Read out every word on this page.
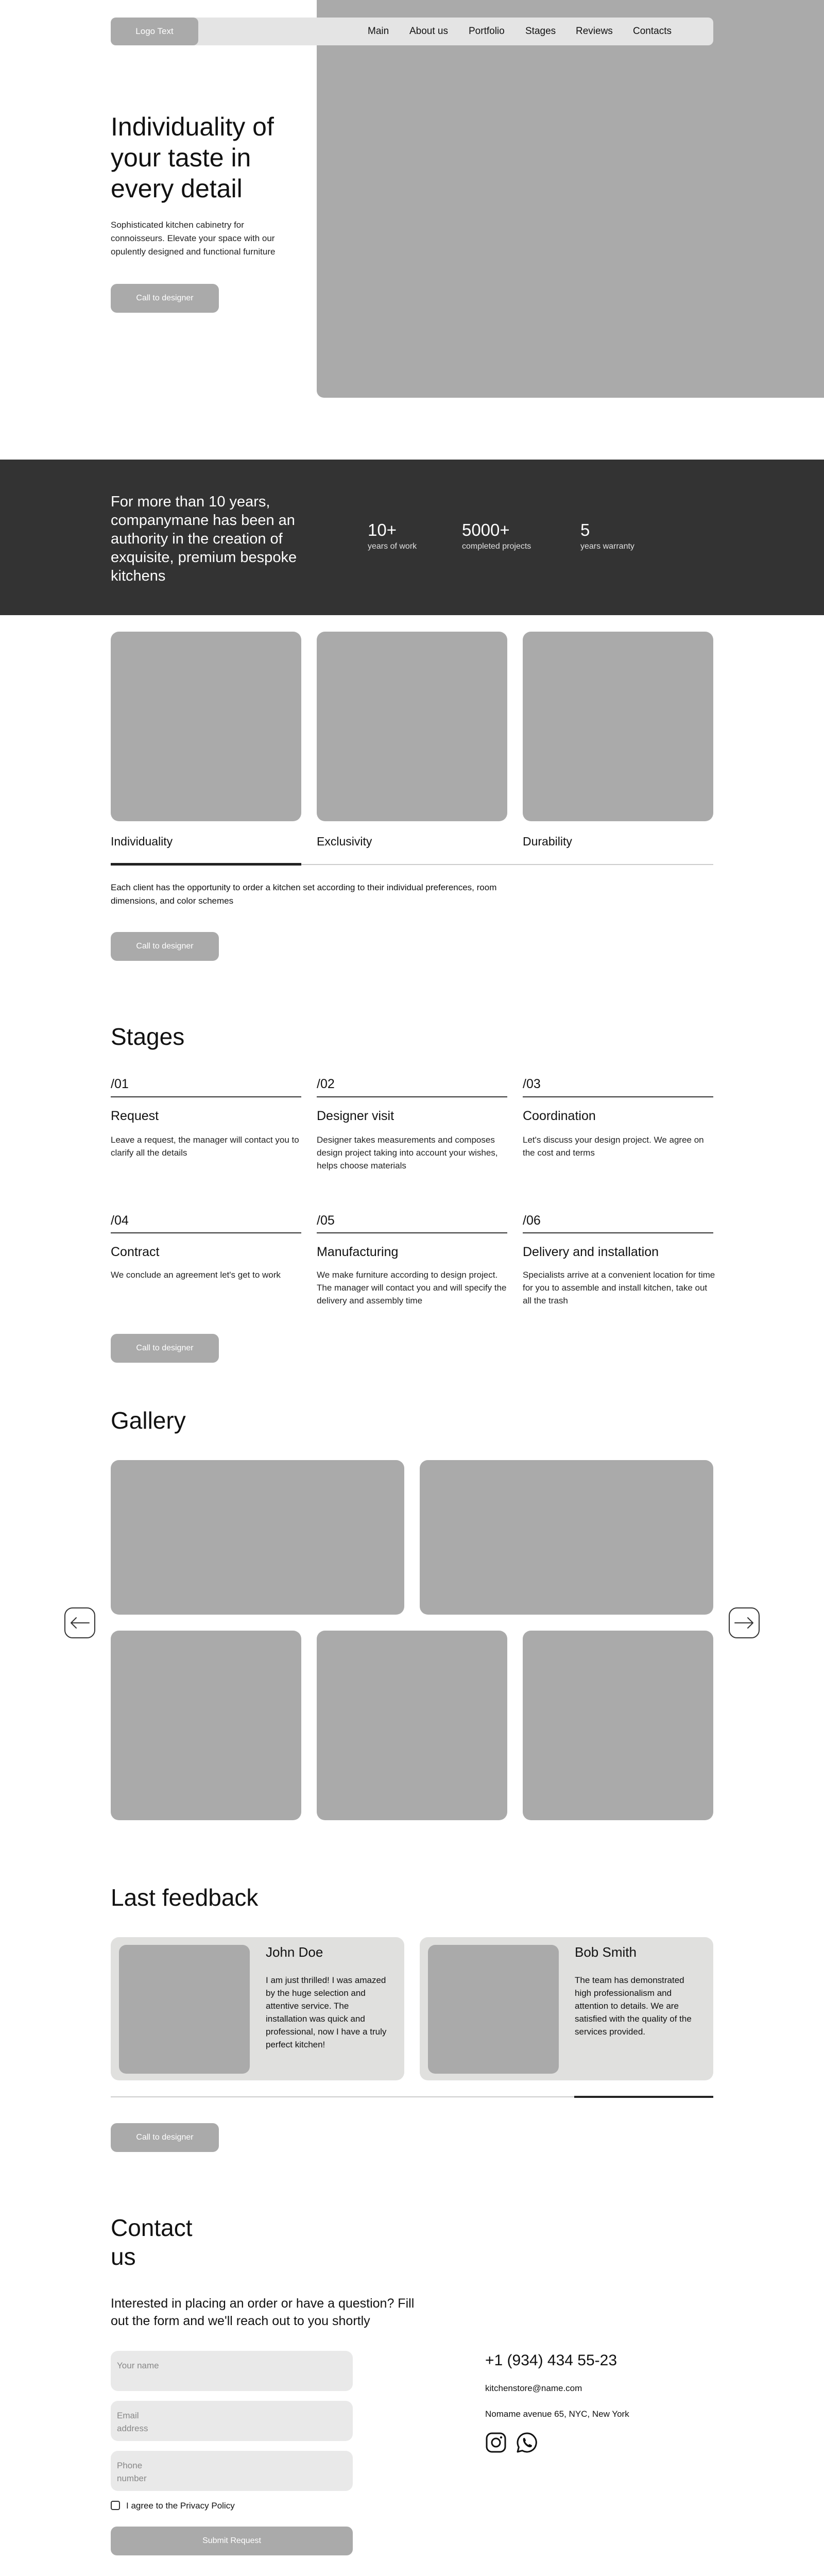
Logo Text	Main About us Portfolio Stages Reviews Contacts
Individuality of your taste in every detail

Sophisticated kitchen cabinetry for connoisseurs. Elevate your space with our opulently designed and functional furniture

Call to designer

For more than 10 years, companymane has been an authority in the creation of exquisite, premium bespoke kitchens

10+
years of work
5000+
completed projects
5
years warranty
Individuality	Exclusivity	Durability

Each client has the opportunity to order a kitchen set according to their individual preferences, room dimensions, and color schemes

Call to designer
Stages
/01
Request

Leave a request, the manager will contact you to clarify all the details

/02
Designer visit

Designer takes measurements and composes design project taking into account your wishes, helps choose materials

/03
Coordination

Let's discuss your design project. We agree on the cost and terms

/04
Contract

We conclude an agreement let's get to work

/05
Manufacturing

We make furniture according to design project. The manager will contact you and will specify the delivery and assembly time

/06
Delivery and installation

Specialists arrive at a convenient location for time for you to assemble and install kitchen, take out all the trash

Call to designer
Gallery
Last feedback
John Doe

I am just thrilled! I was amazed by the huge selection and attentive service. The installation was quick and professional, now I have a truly perfect kitchen!

Bob Smith

The team has demonstrated high professionalism and attention to details. We are satisfied with the quality of the services provided.

Call to designer
Contact us

Interested in placing an order or have a question? Fill out the form and we'll reach out to you shortly

Your name
Email address
Phone number
I agree to the Privacy Policy
Submit Request
+1 (934) 434 55-23
kitchenstore@name.com
Nomame avenue 65, NYC, New York
